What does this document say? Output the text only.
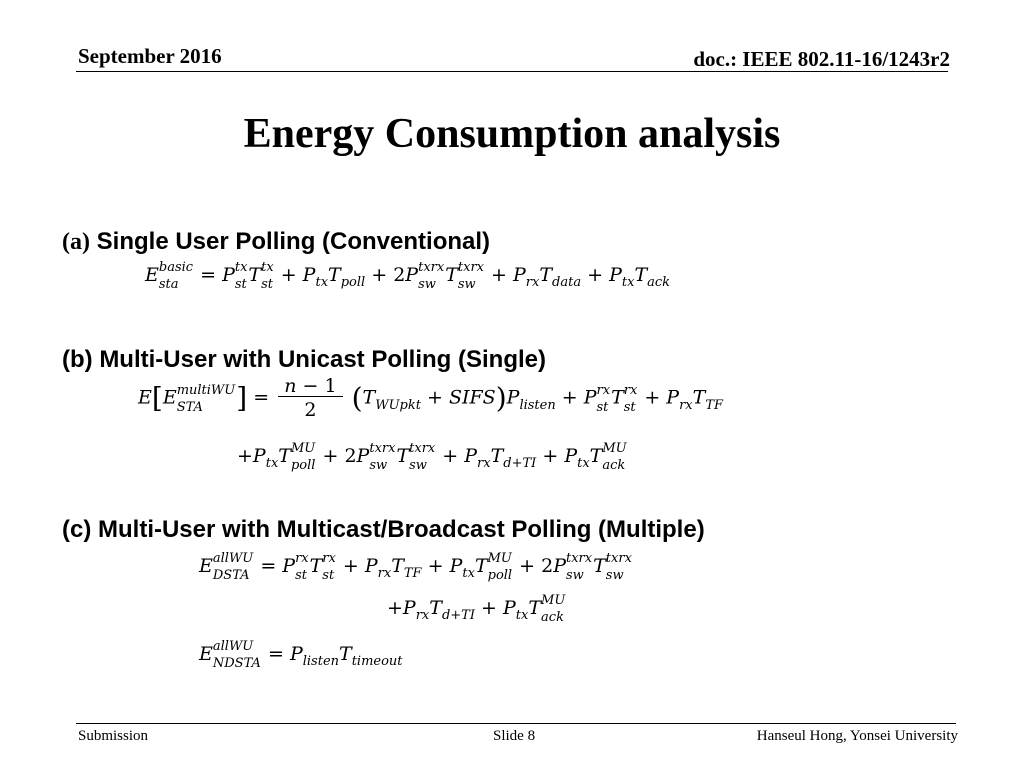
September 2016	doc.: IEEE 802.11-16/1243r2
Energy Consumption analysis
(a) Single User Polling (Conventional)
E basic
sta	= P tx
st T tx
st + $P_{tx}T_{poll} + 2P$ txrx
sw T txrx
sw + $P_{rx}T_{data} + P_{tx}T_{ack}$
(b) Multi-User with Unicast Polling (Single)
E[E multiWU
STA	] = $\frac{n - 1}{2} (T_{WUpkt}$ + $SIFS)P_{listen} + P$ rx
st T rx
st + $P_{rx}T_{TF}$
$+P_{tx}T$ MU
poll + 2P txrx
sw T txrx
sw + $P_{rx}T_{d+TI} + P_{tx}T$ MU
ack
(c) Multi-User with Multicast/Broadcast Polling (Multiple)
E allWU
DSTA = P rx
st T rx
st + $P_{rx}T_{TF} + P_{tx}T$ MU
poll + 2P txrx
sw T txrx
sw
$+P_{rx}T_{d+TI} + P_{tx}T$ MU
ack
E allWU
NDSTA = $P_{listen}T_{timeout}$
Submission	Slide 8	Hanseul Hong, Yonsei University
